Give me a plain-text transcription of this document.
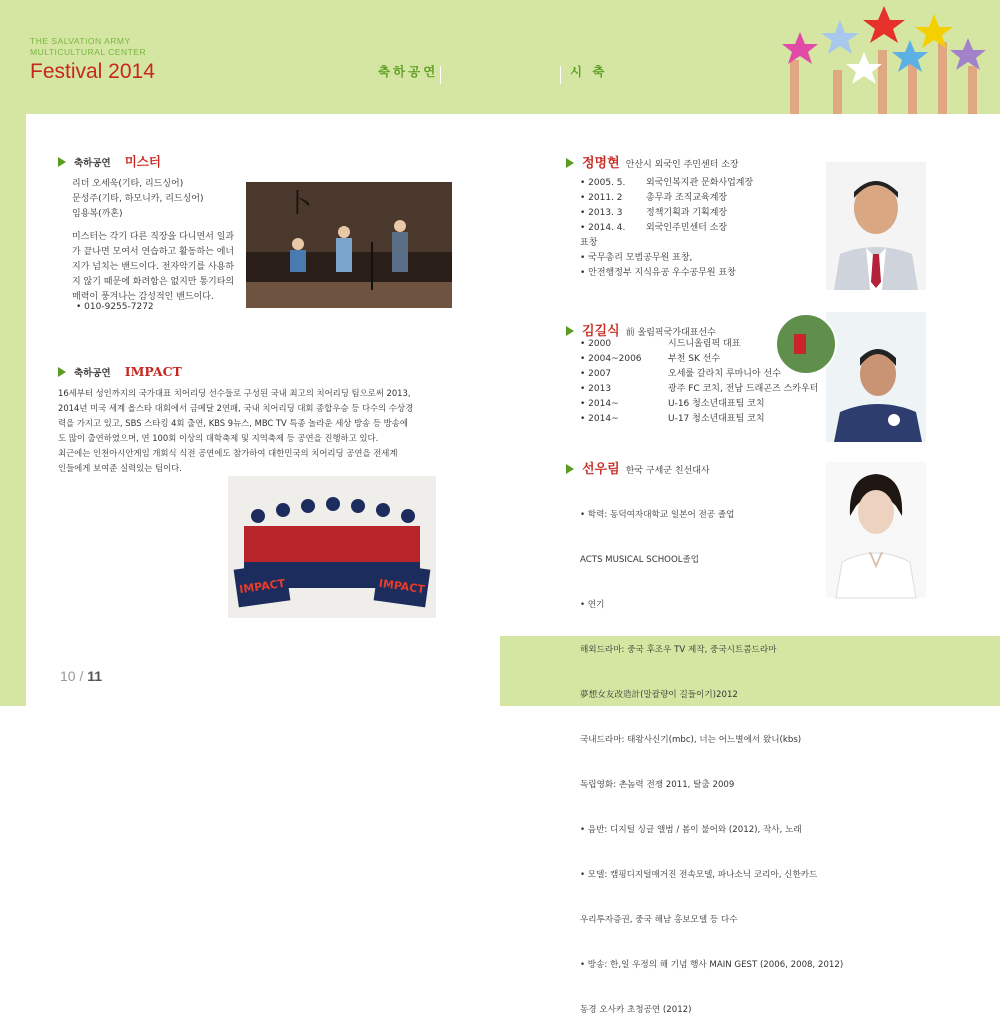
THE SALVATION ARMY
MULTICULTURAL CENTER
Festival 2014	축하공연	시 축
축하공연 미스터

리더 오세욱(기타, 리드싱어)

문성주(기타, 하모니카, 리드싱어)

임용복(까혼)

미스터는 각기 다른 직장을 다니면서 일과

가 끝나면 모여서 연습하고 활동하는 에너

지가 넘치는 밴드이다. 전자악기를 사용하

지 않기 때문에 화려함은 없지만 통기타의

매력이 풍겨나는 감성적인 밴드이다.

• 010-9255-7272
卜
축하공연 IMPACT

16세부터 성인까지의 국가대표 치어리딩 선수들로 구성된 국내 최고의 치어리딩 팀으로써 2013,

2014년 미국 세계 올스타 대회에서 금메달 2연패, 국내 치어리딩 대회 종합우승 등 다수의 수상경

력을 가지고 있고, SBS 스타킹 4회 출연, KBS 9뉴스, MBC TV 특종 놀라운 세상 방송 등 방송에

도 많이 출연하였으며, 연 100회 이상의 대학축제 및 지역축제 등 공연을 진행하고 있다.

최근에는 인천아시안게임 개회식 식전 공연에도 참가하여 대한민국의 치어리딩 공연을 전세계

인들에게 보여준 실력있는 팀이다.

IMPACT	IMPACT
10 / 11
정명현 안산시 외국인 주민센터 소장
• 2005. 5.	외국인복지관 문화사업계장
• 2011. 2	총무과 조직교육계장
• 2013. 3	정책기획과 기획계장
• 2014. 4.	외국인주민센터 소장

표창

• 국무총리 모범공무원 표창,

• 안전행정부 지식유공 우수공무원 표창

김길식 前 올림픽국가대표선수
• 2000	시드니올림픽 대표
• 2004~2006	부천 SK 선수
• 2007	오세룰 갈라치 루마니아 선수
• 2013	광주 FC 코치, 전남 드래곤즈 스카우터
• 2014~	U-16 청소년대표팀 코치
• 2014~	U-17 청소년대표팀 코치
선우림 한국 구세군 친선대사

• 학력: 동덕여자대학교 일본어 전공 졸업

ACTS MUSICAL SCHOOL졸업

• 연기

해외드라마: 중국 후조우 TV 제작, 중국시트콤드라마

夢想女友改造計(말괄량이 길들이기)2012

국내드라마: 태왕사신기(mbc), 너는 어느별에서 왔니(kbs)

독립영화: 촌놈력 전쟁 2011, 탈출 2009

• 음반: 디지털 싱글 앨범 / 봄이 불어와 (2012), 작사, 노래

• 모델: 캠핑디지털매거진 전속모델, 파나소닉 코리아, 신한카드

우리투자증권, 중국 해남 홍보모델 등 다수

• 방송: 한,일 우정의 해 기념 행사 MAIN GEST (2006, 2008, 2012)

동경 오사카 초청공연 (2012)
